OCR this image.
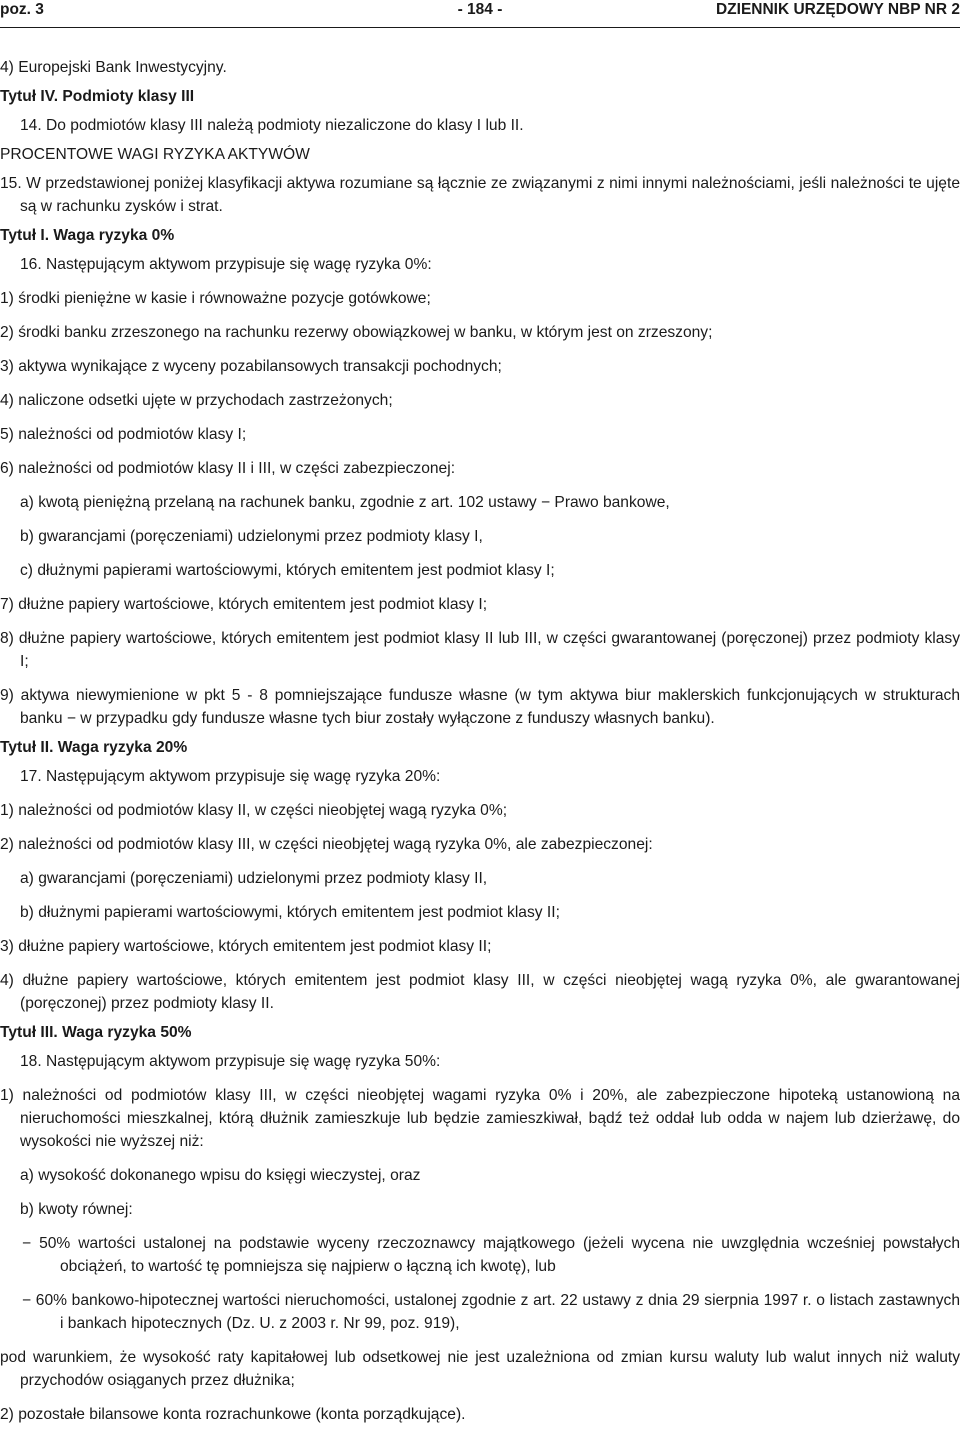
poz. 3	- 184 -	DZIENNIK URZĘDOWY NBP NR 2

4) Europejski Bank Inwestycyjny.

Tytuł IV. Podmioty klasy III

14. Do podmiotów klasy III należą podmioty niezaliczone do klasy I lub II.

PROCENTOWE WAGI RYZYKA AKTYWÓW

15. W przedstawionej poniżej klasyfikacji aktywa rozumiane są łącznie ze związanymi z nimi innymi należnościami, jeśli należności te ujęte są w rachunku zysków i strat.

Tytuł I. Waga ryzyka 0%

16. Następującym aktywom przypisuje się wagę ryzyka 0%:

1) środki pieniężne w kasie i równoważne pozycje gotówkowe;

2) środki banku zrzeszonego na rachunku rezerwy obowiązkowej w banku, w którym jest on zrzeszony;

3) aktywa wynikające z wyceny pozabilansowych transakcji pochodnych;

4) naliczone odsetki ujęte w przychodach zastrzeżonych;

5) należności od podmiotów klasy I;

6) należności od podmiotów klasy II i III, w części zabezpieczonej:

a) kwotą pieniężną przelaną na rachunek banku, zgodnie z art. 102 ustawy − Prawo bankowe,

b) gwarancjami (poręczeniami) udzielonymi przez podmioty klasy I,

c) dłużnymi papierami wartościowymi, których emitentem jest podmiot klasy I;

7) dłużne papiery wartościowe, których emitentem jest podmiot klasy I;

8) dłużne papiery wartościowe, których emitentem jest podmiot klasy II lub III, w części gwarantowanej (poręczonej) przez podmioty klasy I;

9) aktywa niewymienione w pkt 5 - 8 pomniejszające fundusze własne (w tym aktywa biur maklerskich funkcjonujących w strukturach banku − w przypadku gdy fundusze własne tych biur zostały wyłączone z funduszy własnych banku).

Tytuł II. Waga ryzyka 20%

17. Następującym aktywom przypisuje się wagę ryzyka 20%:

1) należności od podmiotów klasy II, w części nieobjętej wagą ryzyka 0%;

2) należności od podmiotów klasy III, w części nieobjętej wagą ryzyka 0%, ale zabezpieczonej:

a) gwarancjami (poręczeniami) udzielonymi przez podmioty klasy II,

b) dłużnymi papierami wartościowymi, których emitentem jest podmiot klasy II;

3) dłużne papiery wartościowe, których emitentem jest podmiot klasy II;

4) dłużne papiery wartościowe, których emitentem jest podmiot klasy III, w części nieobjętej wagą ryzyka 0%, ale gwarantowanej (poręczonej) przez podmioty klasy II.

Tytuł III. Waga ryzyka 50%

18. Następującym aktywom przypisuje się wagę ryzyka 50%:

1) należności od podmiotów klasy III, w części nieobjętej wagami ryzyka 0% i 20%, ale zabezpieczone hipoteką ustanowioną na nieruchomości mieszkalnej, którą dłużnik zamieszkuje lub będzie zamieszkiwał, bądź też oddał lub odda w najem lub dzierżawę, do wysokości nie wyższej niż:

a) wysokość dokonanego wpisu do księgi wieczystej, oraz

b) kwoty równej:

− 50% wartości ustalonej na podstawie wyceny rzeczoznawcy majątkowego (jeżeli wycena nie uwzględnia wcześniej powstałych obciążeń, to wartość tę pomniejsza się najpierw o łączną ich kwotę), lub

− 60% bankowo-hipotecznej wartości nieruchomości, ustalonej zgodnie z art. 22 ustawy z dnia 29 sierpnia 1997 r. o listach zastawnych i bankach hipotecznych (Dz. U. z 2003 r. Nr 99, poz. 919),

pod warunkiem, że wysokość raty kapitałowej lub odsetkowej nie jest uzależniona od zmian kursu waluty lub walut innych niż waluty przychodów osiąganych przez dłużnika;

2) pozostałe bilansowe konta rozrachunkowe (konta porządkujące).
